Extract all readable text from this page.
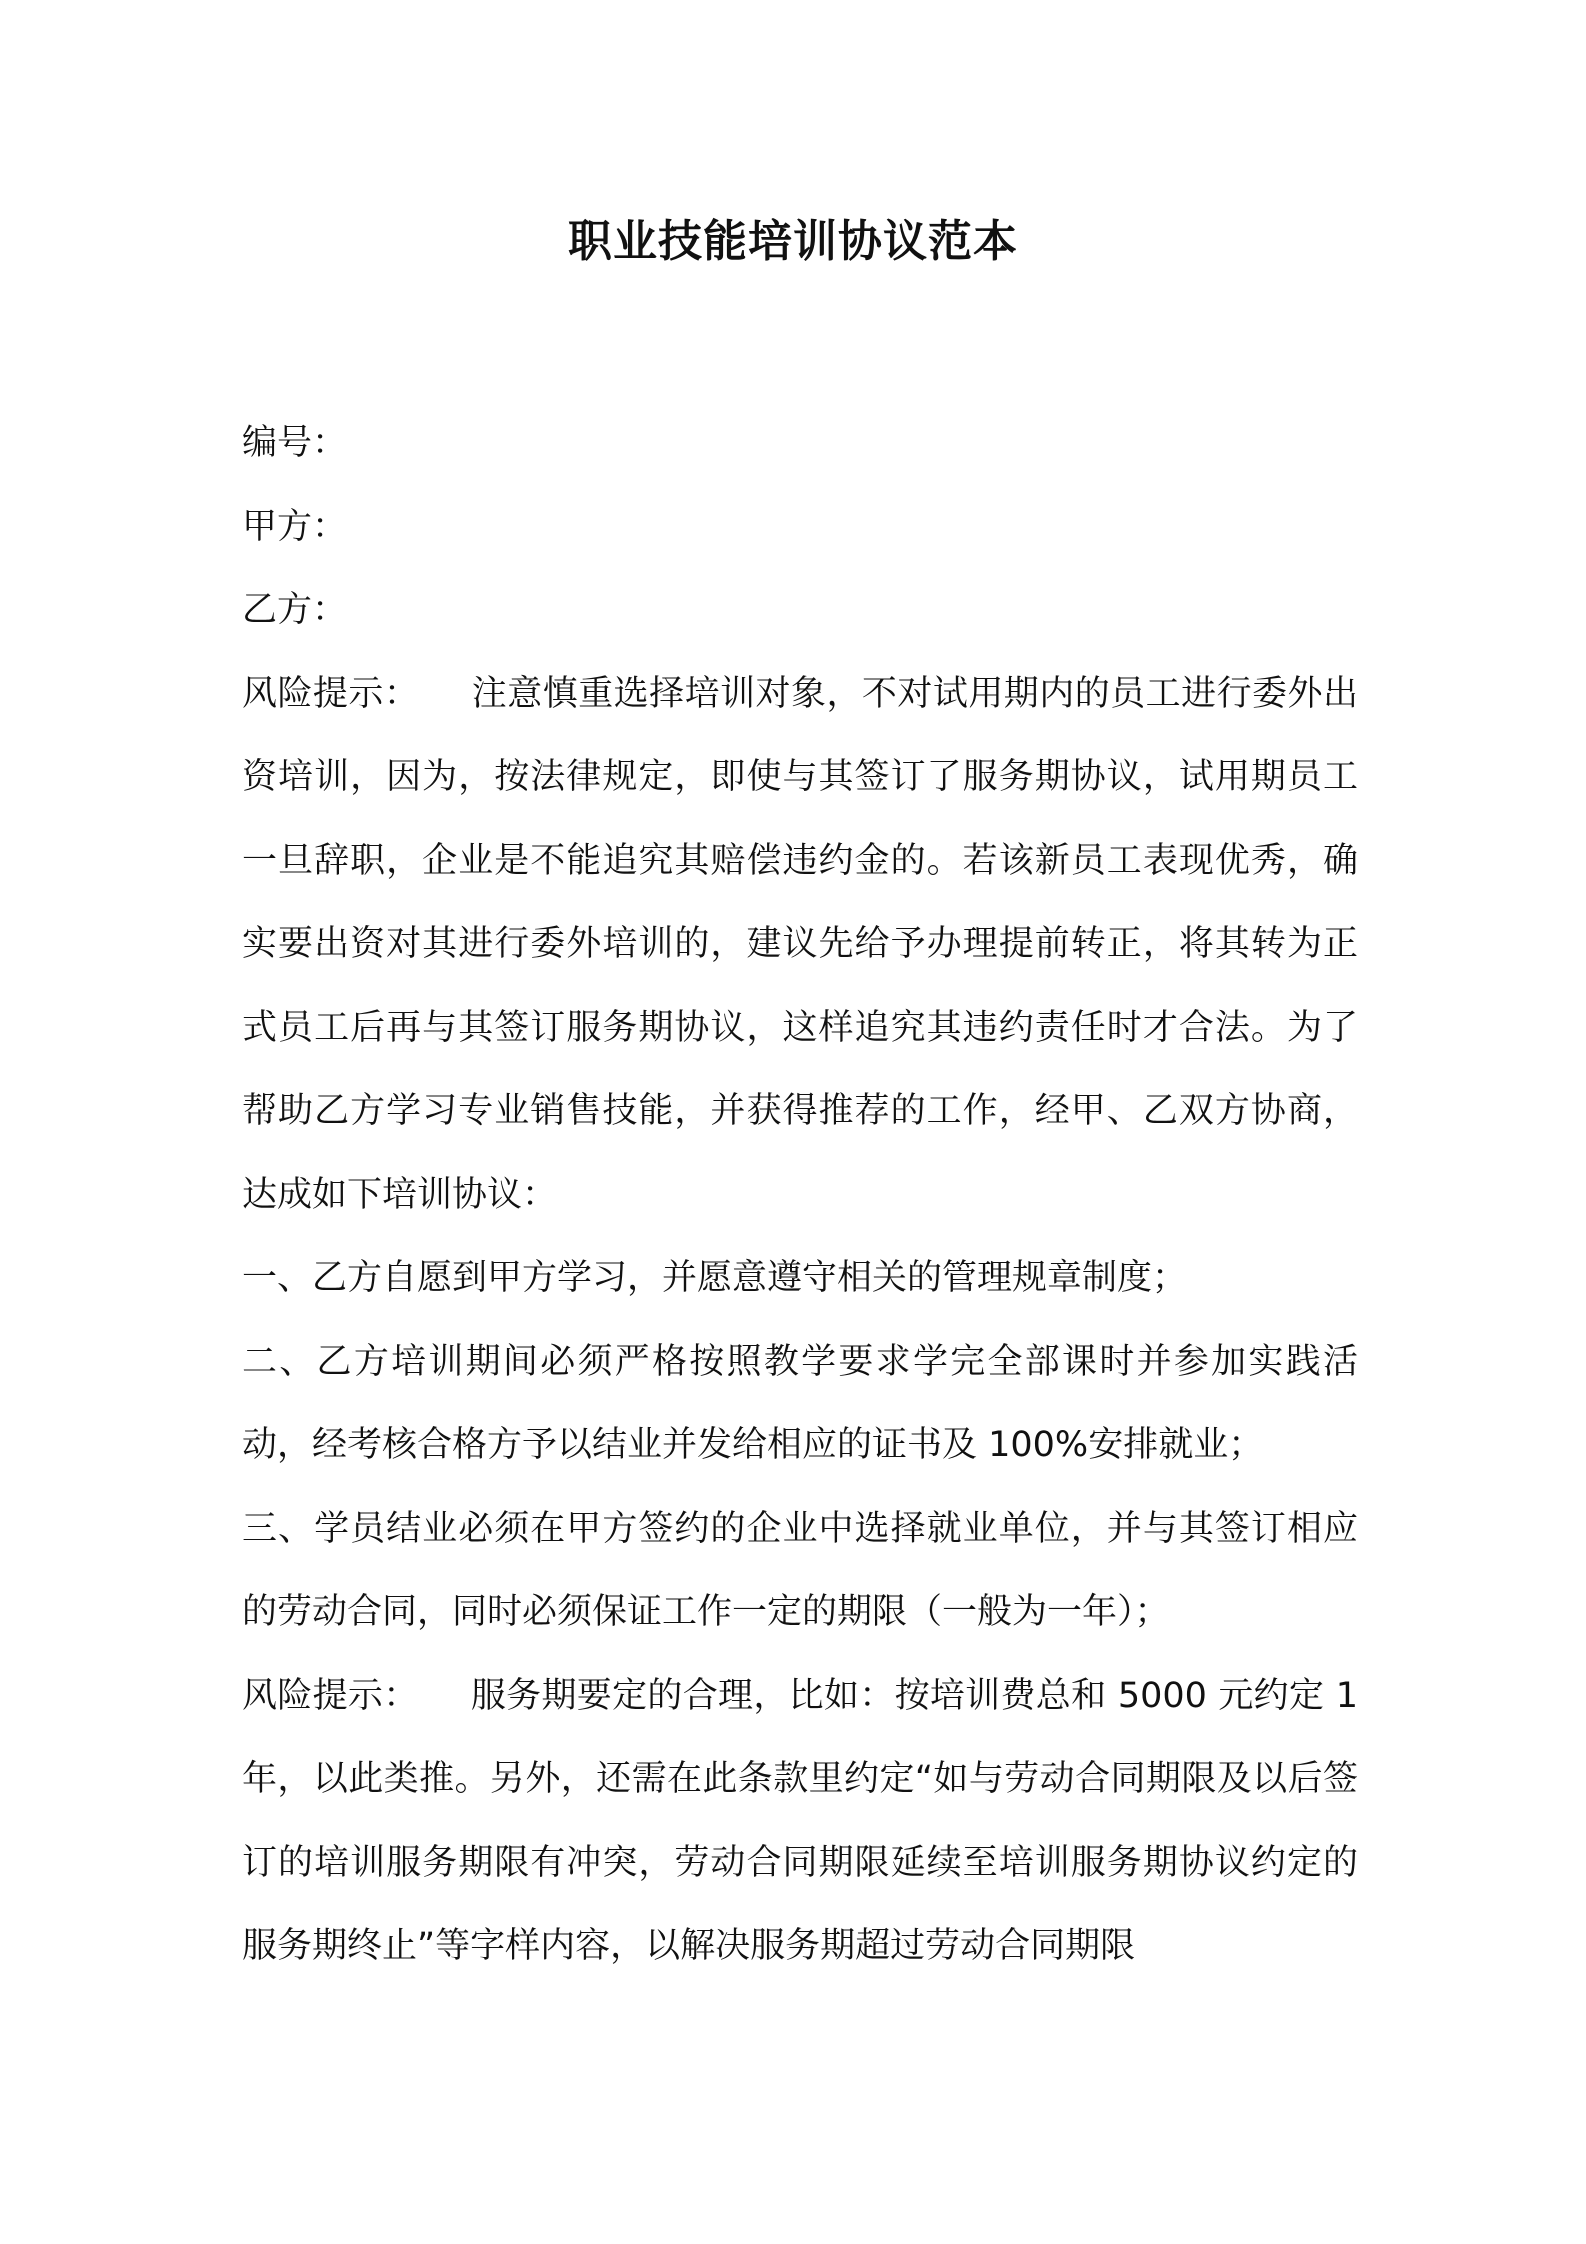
职业技能培训协议范本

编号：

甲方：

乙方：

风险提示： 注意慎重选择培训对象，不对试用期内的员工进行委外出资培训，因为，按法律规定，即使与其签订了服务期协议，试用期员工一旦辞职，企业是不能追究其赔偿违约金的。若该新员工表现优秀，确实要出资对其进行委外培训的，建议先给予办理提前转正，将其转为正式员工后再与其签订服务期协议，这样追究其违约责任时才合法。为了帮助乙方学习专业销售技能，并获得推荐的工作，经甲、乙双方协商，达成如下培训协议：

一、乙方自愿到甲方学习，并愿意遵守相关的管理规章制度；

二、乙方培训期间必须严格按照教学要求学完全部课时并参加实践活动，经考核合格方予以结业并发给相应的证书及 100%安排就业；

三、学员结业必须在甲方签约的企业中选择就业单位，并与其签订相应的劳动合同，同时必须保证工作一定的期限（一般为一年）；

风险提示： 服务期要定的合理，比如：按培训费总和 5000 元约定 1 年，以此类推。另外，还需在此条款里约定“如与劳动合同期限及以后签订的培训服务期限有冲突，劳动合同期限延续至培训服务期协议约定的服务期终止”等字样内容，以解决服务期超过劳动合同期限
